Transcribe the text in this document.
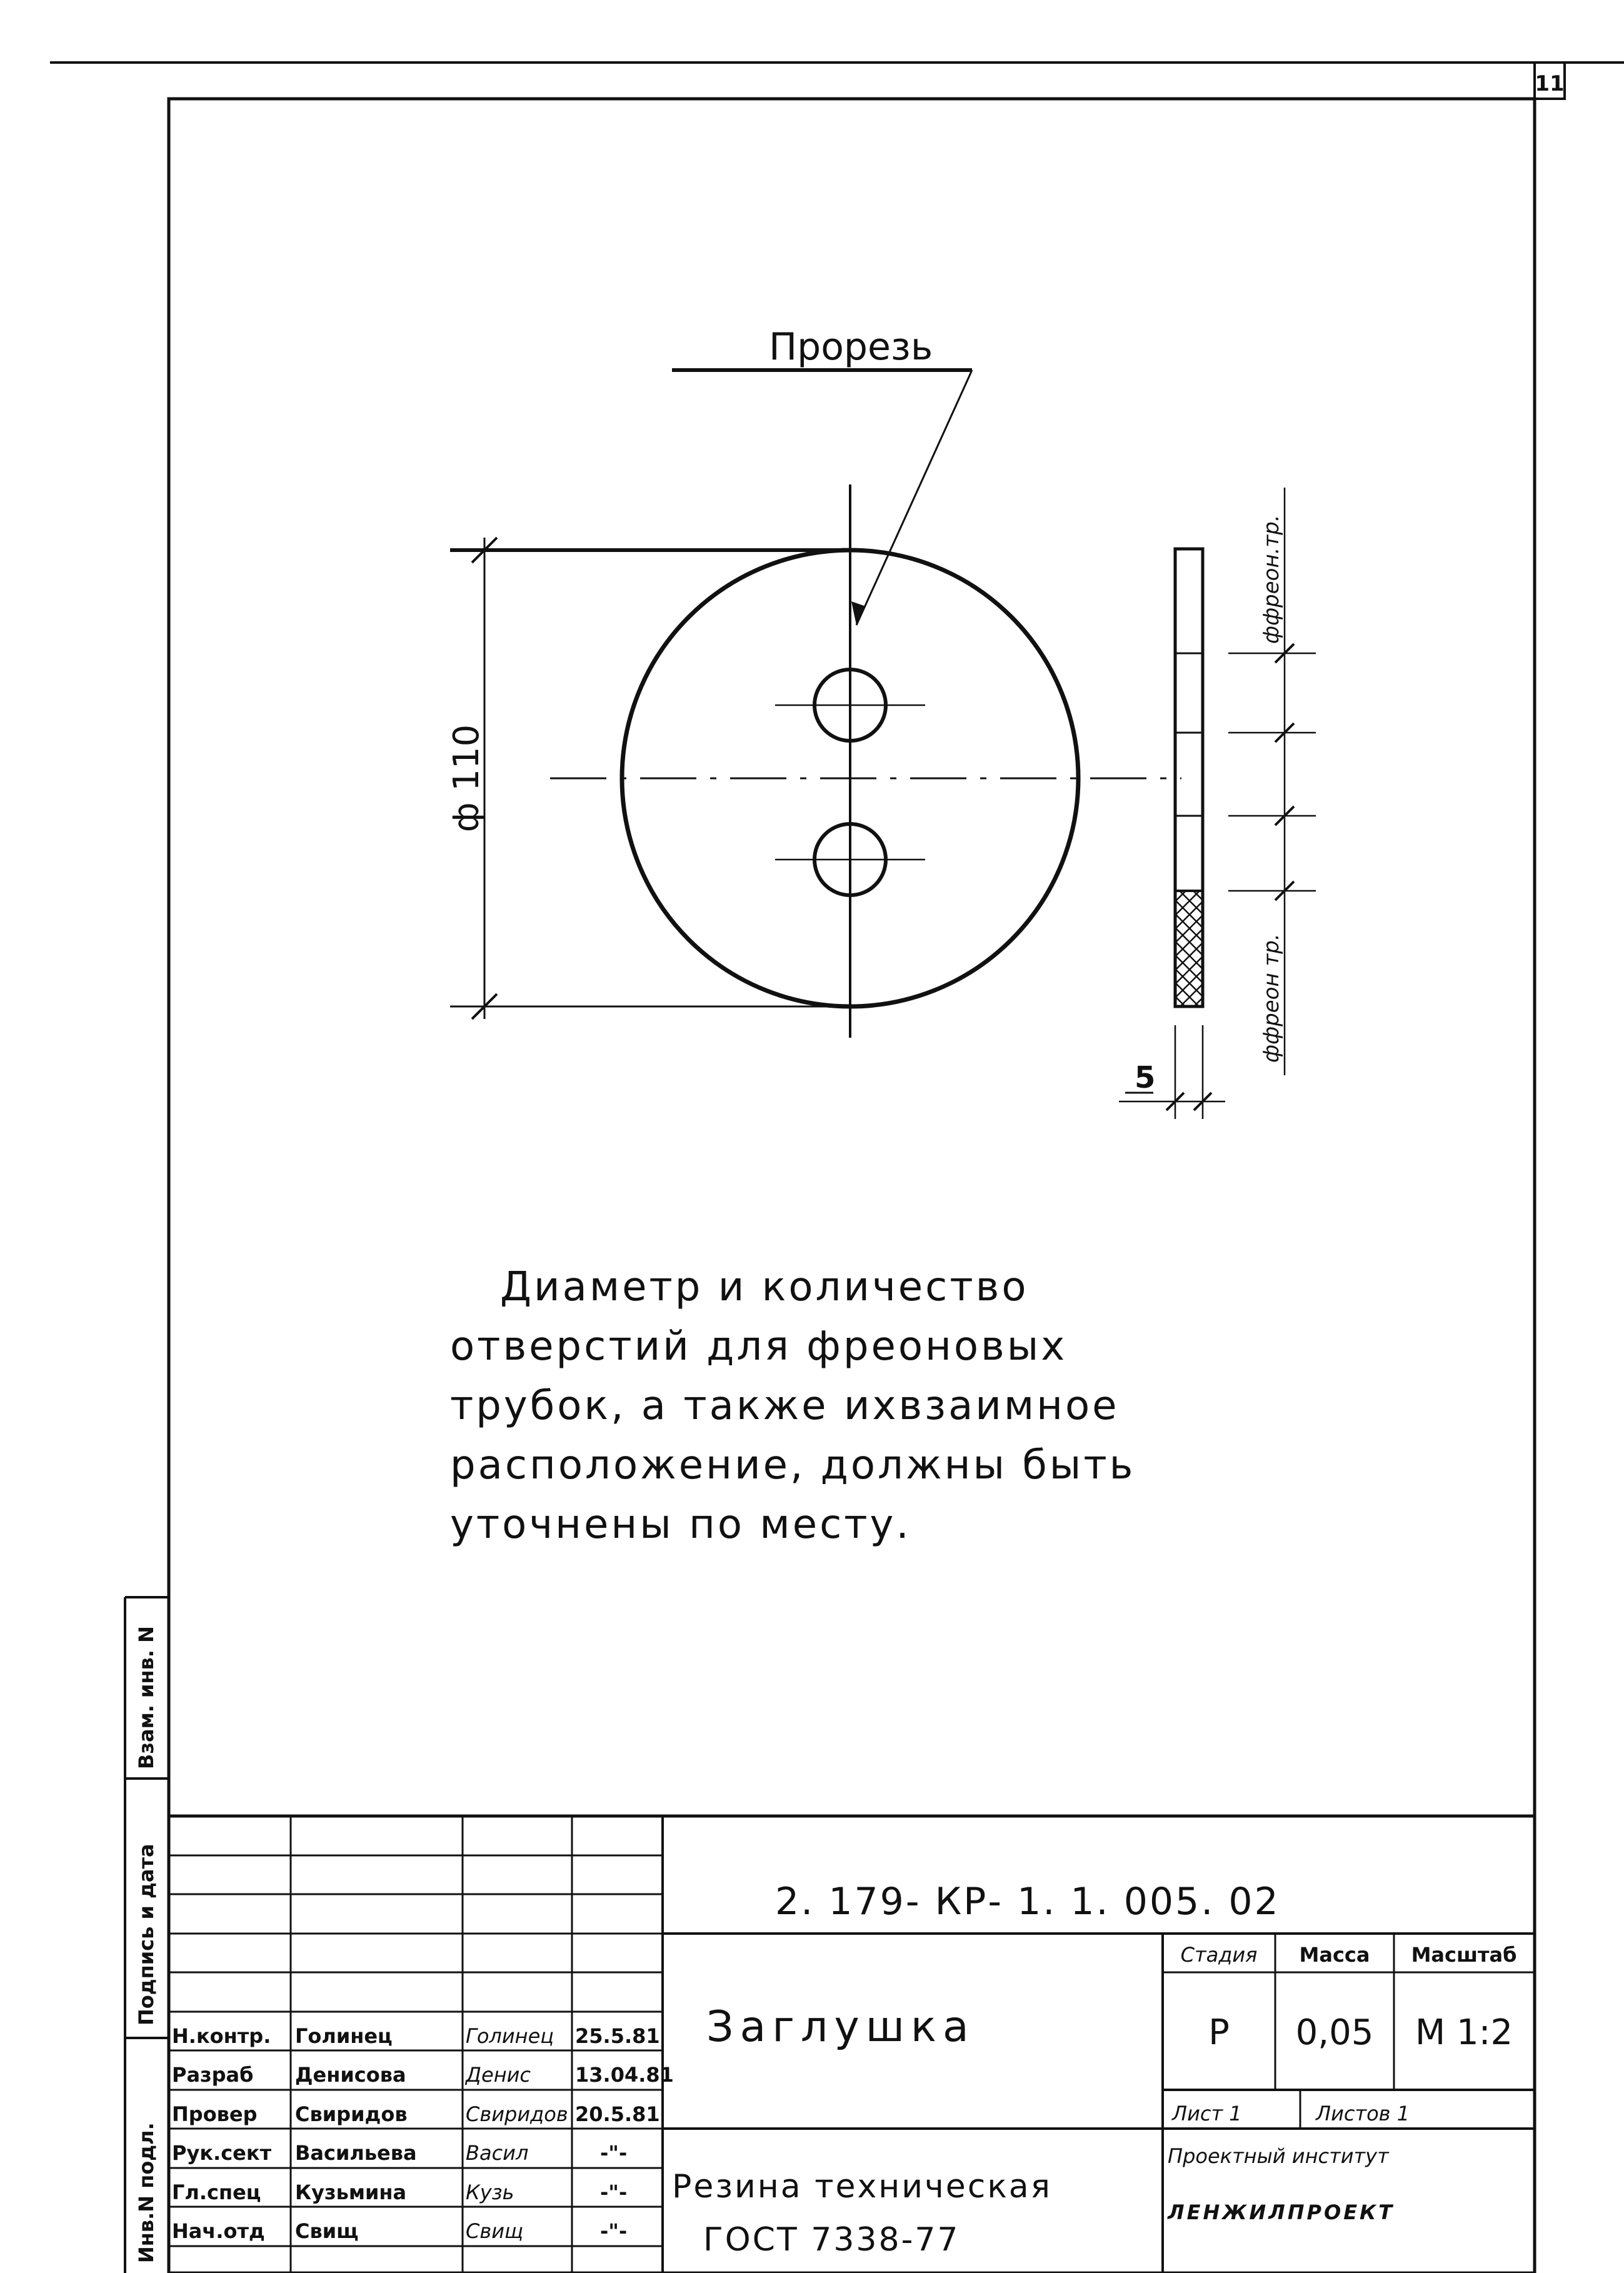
11
Прорезь
ф 110
ффреон.тр.
ффреон тр.
5
Диаметр и количество
отверстий для фреоновых
трубок, а также ихвзаимное
расположение, должны быть
уточнены по месту.
Инв.N подл.
Подпись и дата
Взам. инв. N
2. 179- КР- 1. 1. 005. 02
Заглушка
Резина техническая
ГОСТ 7338-77
Стадия Масса Масштаб
Р 0,05 М 1:2
Лист 1	Листов 1
Проектный институт
ЛЕНЖИЛПРОЕКТ
Н.контр. Голинец	Голинец 25.5.81
Разраб Денисова	Денис 13.04.81
Провер Свиридов	Свиридов 20.5.81
Рук.сект Васильева Васил	-"-
Гл.спец Кузьмина	Кузь	-"-
Нач.отд Свищ	Свищ	-"-
